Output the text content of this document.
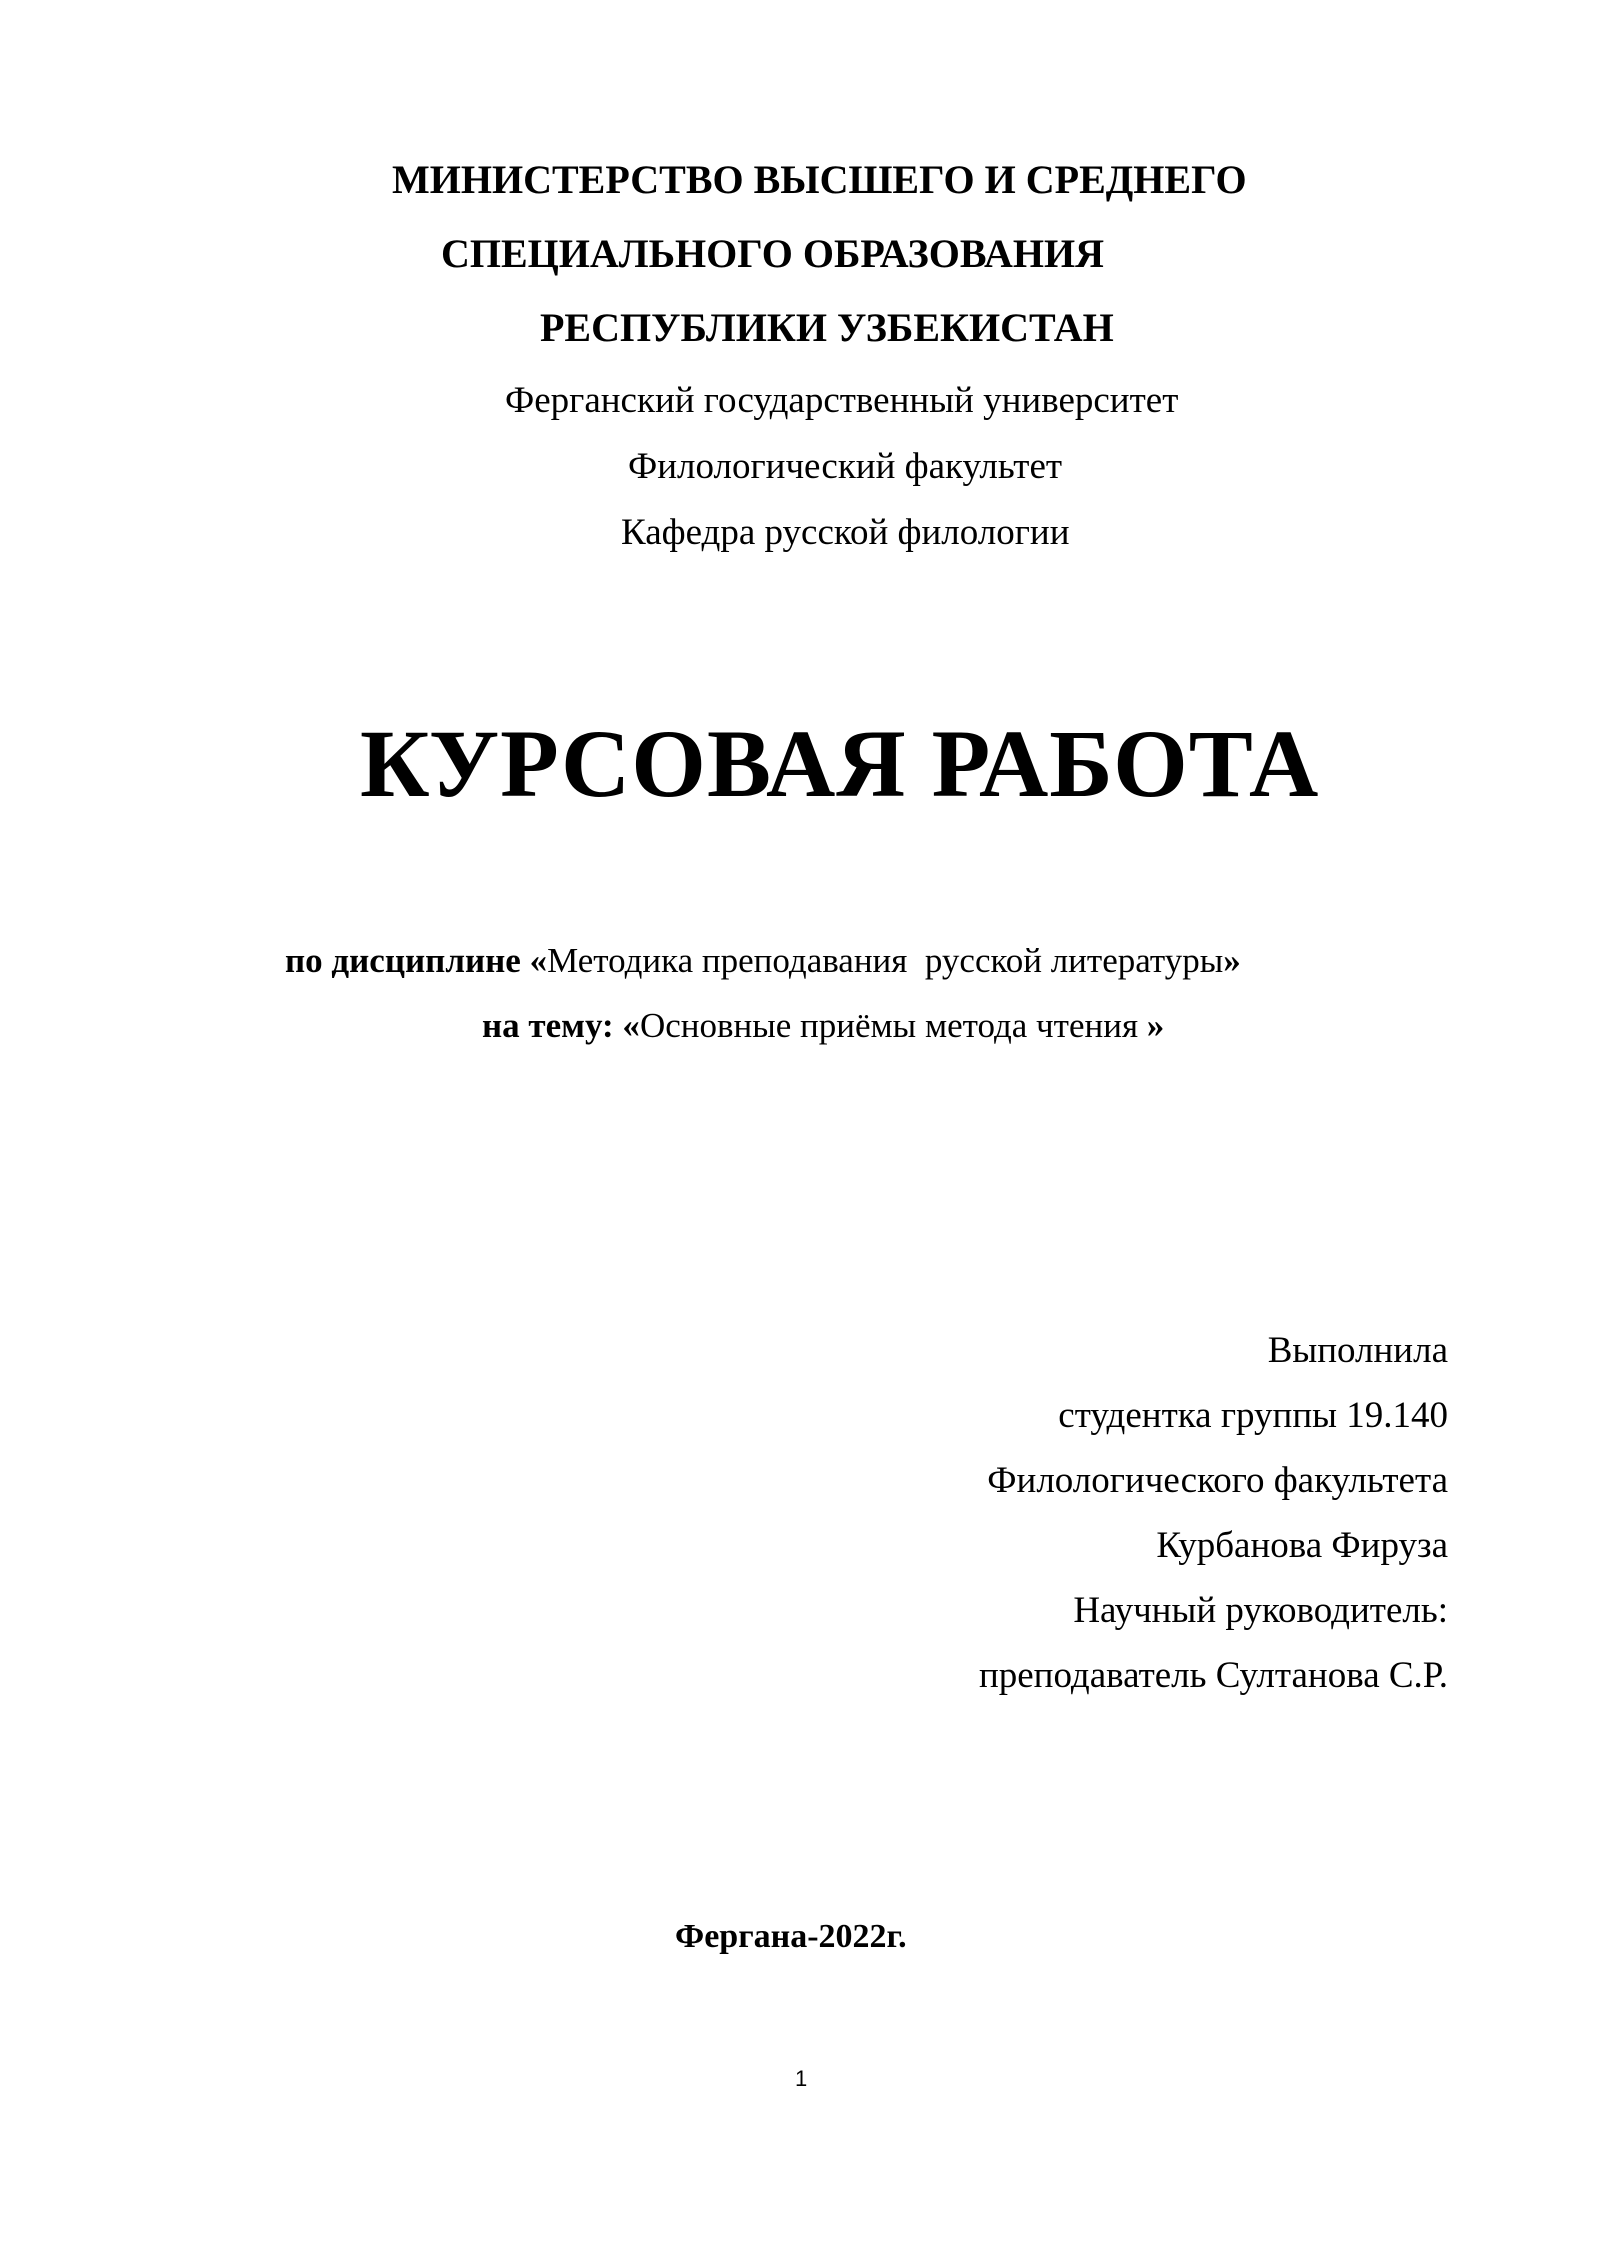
МИНИСТЕРСТВО ВЫСШЕГО И СРЕДНЕГО
СПЕЦИАЛЬНОГО ОБРАЗОВАНИЯ
РЕСПУБЛИКИ УЗБЕКИСТАН
Ферганский государственный университет
Филологический факультет
Кафедра русской филологии
КУРСОВАЯ РАБОТА
по дисциплине «Методика преподавания  русской литературы»
на тему: «Основные приёмы метода чтения »
Выполнила
студентка группы 19.140
Филологического факультета
Курбанова Фируза
Научный руководитель:
преподаватель Султанова С.Р.
Фергана-2022г.
1
